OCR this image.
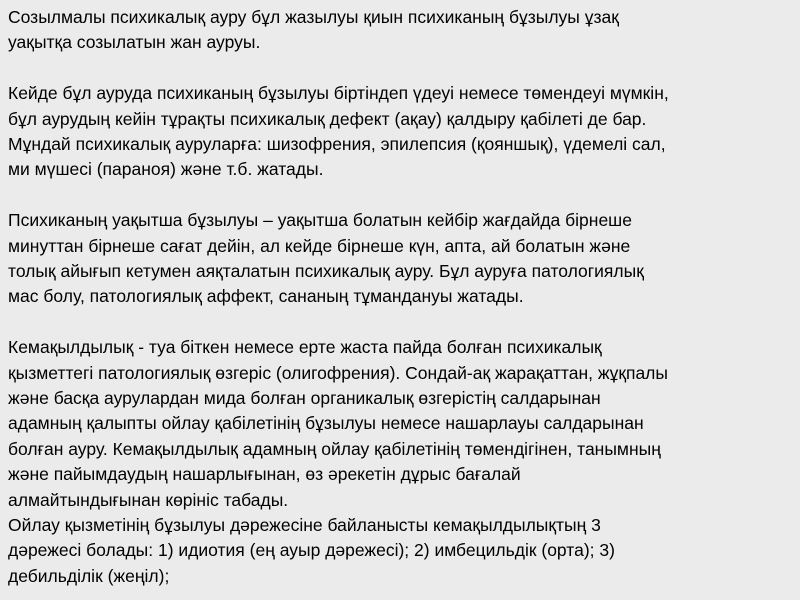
Созылмалы психикалық ауру бұл жазылуы қиын психиканың бұзылуы ұзақ
уақытқа созылатын жан ауруы.

Кейде бұл ауруда психиканың бұзылуы біртіндеп үдеуі немесе төмендеуі мүмкін,
бұл аурудың кейін тұрақты психикалық дефект (ақау) қалдыру қабілеті де бар.
Мұндай психикалық ауруларға: шизофрения, эпилепсия (қояншық), үдемелі сал,
ми мүшесі (параноя) және т.б. жатады.

Психиканың уақытша бұзылуы – уақытша болатын кейбір жағдайда бірнеше
минуттан бірнеше сағат дейін, ал кейде бірнеше күн, апта, ай болатын және
толық айығып кетумен аяқталатын психикалық ауру. Бұл ауруға патологиялық
мас болу, патологиялық аффект, сананың тұмандануы жатады.

Кемақылдылық - туа біткен немесе ерте жаста пайда болған психикалық
қызметтегі патологиялық өзгеріс (олигофрения). Сондай-ақ жарақаттан, жұқпалы
және басқа аурулардан мида болған органикалық өзгерістің салдарынан
адамның қалыпты ойлау қабілетінің бұзылуы немесе нашарлауы салдарынан
болған ауру. Кемақылдылық адамның ойлау қабілетінің төмендігінен, танымның
және пайымдаудың нашарлығынан, өз әрекетін дұрыс бағалай
алмайтындығынан көрініс табады.

Ойлау қызметінің бұзылуы дәрежесіне байланысты кемақылдылықтың 3
дәрежесі болады: 1) идиотия (ең ауыр дәрежесі); 2) имбецильдік (орта); 3)
дебильділік (жеңіл);
